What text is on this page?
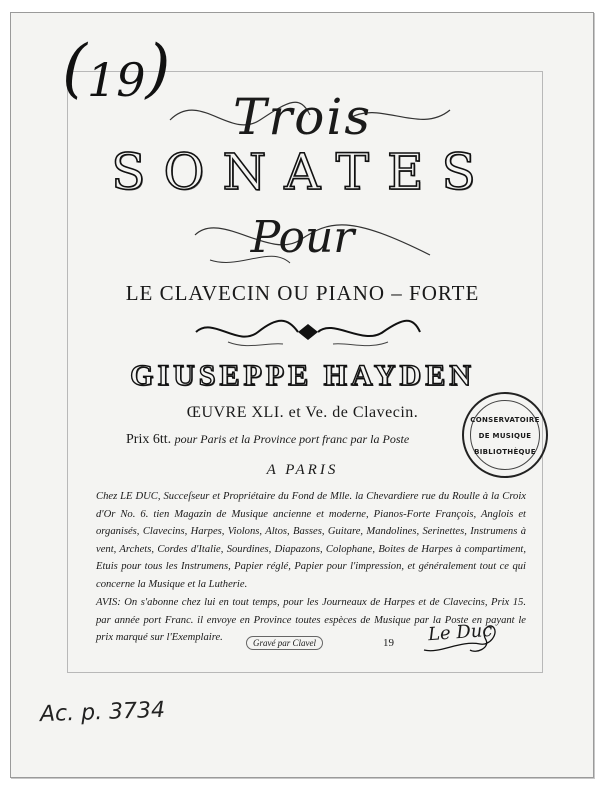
(19)
Trois
SONATES
Pour
LE CLAVECIN OU PIANO – FORTE
GIUSEPPE HAYDEN
ŒUVRE XLI. et Ve. de Clavecin.
Prix 6tt. pour Paris et la Province port franc par la Poste
A PARIS
CONSERVATOIRE
DE MUSIQUE
BIBLIOTHÈQUE
Chez LE DUC, Succeſseur et Propriétaire du Fond de Mlle. la Chevardiere rue du Roulle à la Croix d'Or No. 6. tien Magazin de Musique ancienne et moderne, Pianos-Forte François, Anglois et organisés, Clavecins, Harpes, Violons, Altos, Basses, Guitare, Mandolines, Serinettes, Instrumens à vent, Archets, Cordes d'Italie, Sourdines, Diapazons, Colophane, Boites de Harpes à compartiment, Etuis pour tous les Instrumens, Papier réglé, Papier pour l'impression, et généralement tout ce qui concerne la Musique et la Lutherie.
AVIS: On s'abonne chez lui en tout temps, pour les Journeaux de Harpes et de Clavecins, Prix 15. par année port Franc. il envoye en Province toutes espèces de Musique par la Poste en payant le prix marqué sur l'Exemplaire.	Gravé par Clavel	19 Le Duc
Ac. p. 3734
